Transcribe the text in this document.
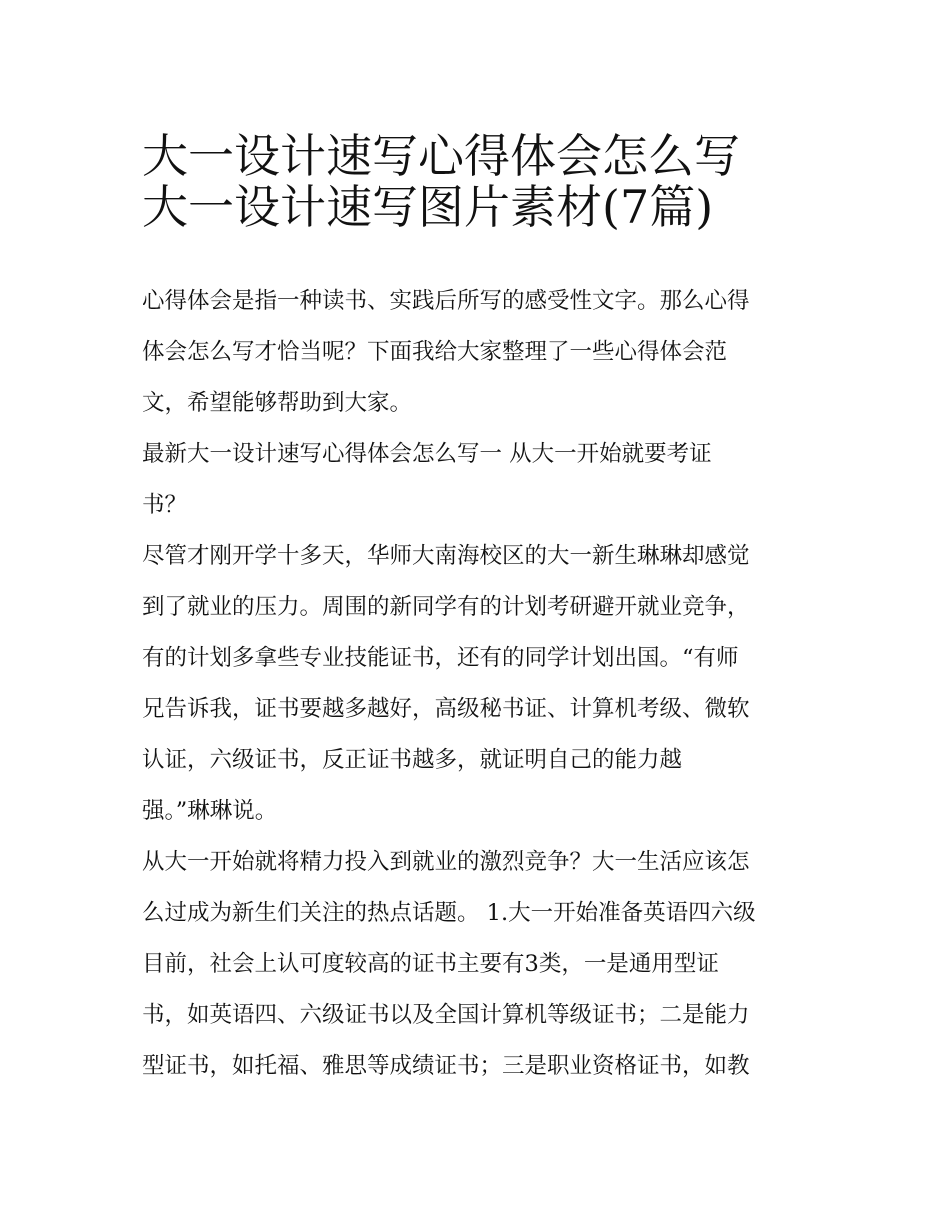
大一设计速写心得体会怎么写
大一设计速写图片素材(7篇)
心得体会是指一种读书、实践后所写的感受性文字。那么心得
体会怎么写才恰当呢？下面我给大家整理了一些心得体会范
文，希望能够帮助到大家。
最新大一设计速写心得体会怎么写一 从大一开始就要考证
书？
尽管才刚开学十多天，华师大南海校区的大一新生琳琳却感觉
到了就业的压力。周围的新同学有的计划考研避开就业竞争，
有的计划多拿些专业技能证书，还有的同学计划出国。“有师
兄告诉我，证书要越多越好，高级秘书证、计算机考级、微软
认证，六级证书，反正证书越多，就证明自己的能力越
强。”琳琳说。
从大一开始就将精力投入到就业的激烈竞争？大一生活应该怎
么过成为新生们关注的热点话题。 1.大一开始准备英语四六级
目前，社会上认可度较高的证书主要有3类，一是通用型证
书，如英语四、六级证书以及全国计算机等级证书；二是能力
型证书，如托福、雅思等成绩证书；三是职业资格证书，如教
